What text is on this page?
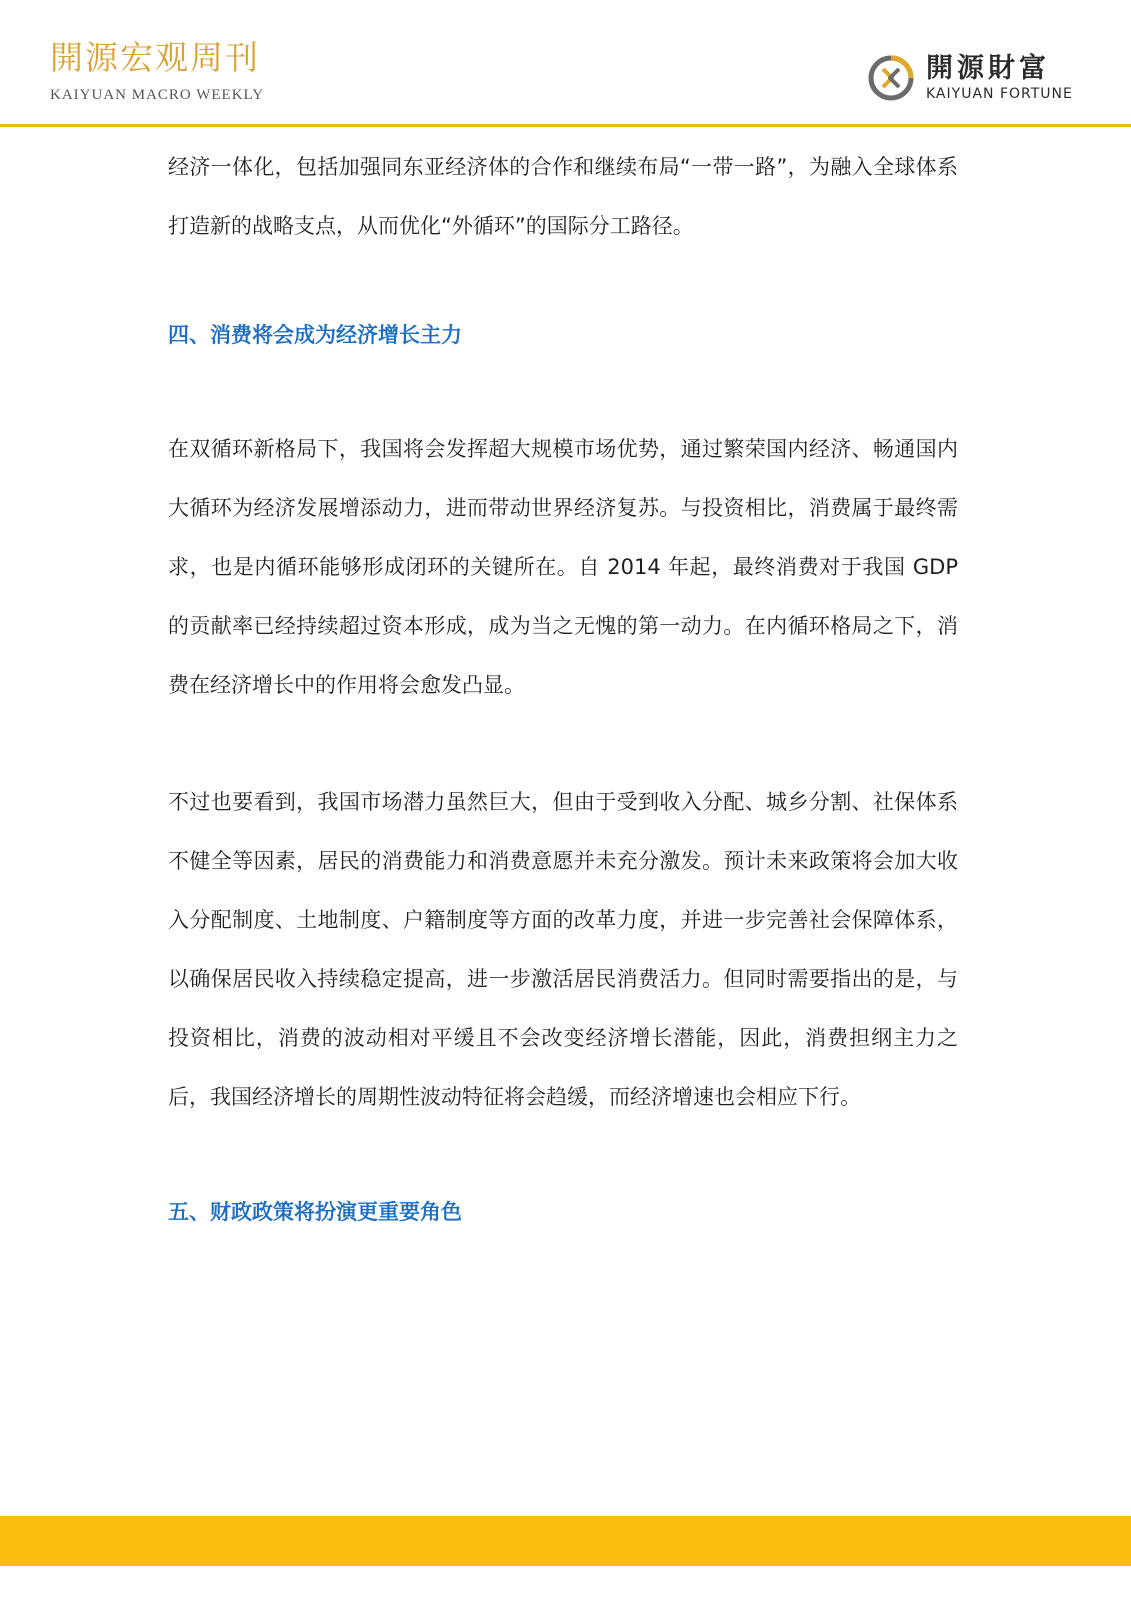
開源宏观周刊
KAIYUAN MACRO WEEKLY
開源財富
KAIYUAN FORTUNE

经济一体化，包括加强同东亚经济体的合作和继续布局“一带一路”，为融入全球体系打造新的战略支点，从而优化“外循环”的国际分工路径。

四、消费将会成为经济增长主力

在双循环新格局下，我国将会发挥超大规模市场优势，通过繁荣国内经济、畅通国内大循环为经济发展增添动力，进而带动世界经济复苏。与投资相比，消费属于最终需求，也是内循环能够形成闭环的关键所在。自 2014 年起，最终消费对于我国 GDP 的贡献率已经持续超过资本形成，成为当之无愧的第一动力。在内循环格局之下，消费在经济增长中的作用将会愈发凸显。

不过也要看到，我国市场潜力虽然巨大，但由于受到收入分配、城乡分割、社保体系不健全等因素，居民的消费能力和消费意愿并未充分激发。预计未来政策将会加大收入分配制度、土地制度、户籍制度等方面的改革力度，并进一步完善社会保障体系，以确保居民收入持续稳定提高，进一步激活居民消费活力。但同时需要指出的是，与投资相比，消费的波动相对平缓且不会改变经济增长潜能，因此，消费担纲主力之后，我国经济增长的周期性波动特征将会趋缓，而经济增速也会相应下行。

五、财政政策将扮演更重要角色
